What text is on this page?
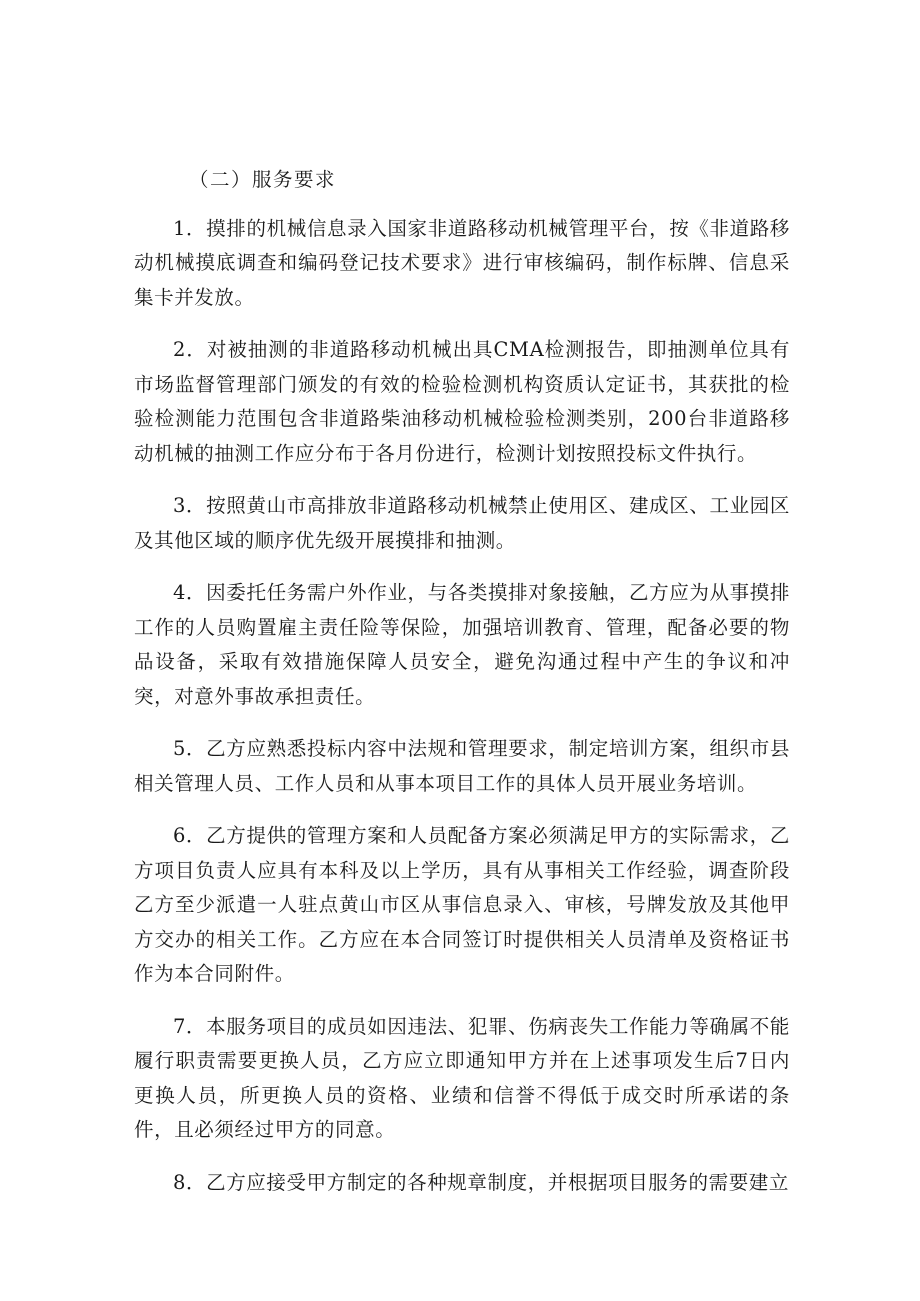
（二）服务要求

1．摸排的机械信息录入国家非道路移动机械管理平台，按《非道路移动机械摸底调查和编码登记技术要求》进行审核编码，制作标牌、信息采集卡并发放。

2．对被抽测的非道路移动机械出具CMA检测报告，即抽测单位具有市场监督管理部门颁发的有效的检验检测机构资质认定证书，其获批的检验检测能力范围包含非道路柴油移动机械检验检测类别，200台非道路移动机械的抽测工作应分布于各月份进行，检测计划按照投标文件执行。

3．按照黄山市高排放非道路移动机械禁止使用区、建成区、工业园区及其他区域的顺序优先级开展摸排和抽测。

4．因委托任务需户外作业，与各类摸排对象接触，乙方应为从事摸排工作的人员购置雇主责任险等保险，加强培训教育、管理，配备必要的物品设备，采取有效措施保障人员安全，避免沟通过程中产生的争议和冲突，对意外事故承担责任。

5．乙方应熟悉投标内容中法规和管理要求，制定培训方案，组织市县相关管理人员、工作人员和从事本项目工作的具体人员开展业务培训。

6．乙方提供的管理方案和人员配备方案必须满足甲方的实际需求，乙方项目负责人应具有本科及以上学历，具有从事相关工作经验，调查阶段乙方至少派遣一人驻点黄山市区从事信息录入、审核，号牌发放及其他甲方交办的相关工作。乙方应在本合同签订时提供相关人员清单及资格证书作为本合同附件。

7．本服务项目的成员如因违法、犯罪、伤病丧失工作能力等确属不能履行职责需要更换人员，乙方应立即通知甲方并在上述事项发生后7日内更换人员，所更换人员的资格、业绩和信誉不得低于成交时所承诺的条件，且必须经过甲方的同意。

8．乙方应接受甲方制定的各种规章制度，并根据项目服务的需要建立
